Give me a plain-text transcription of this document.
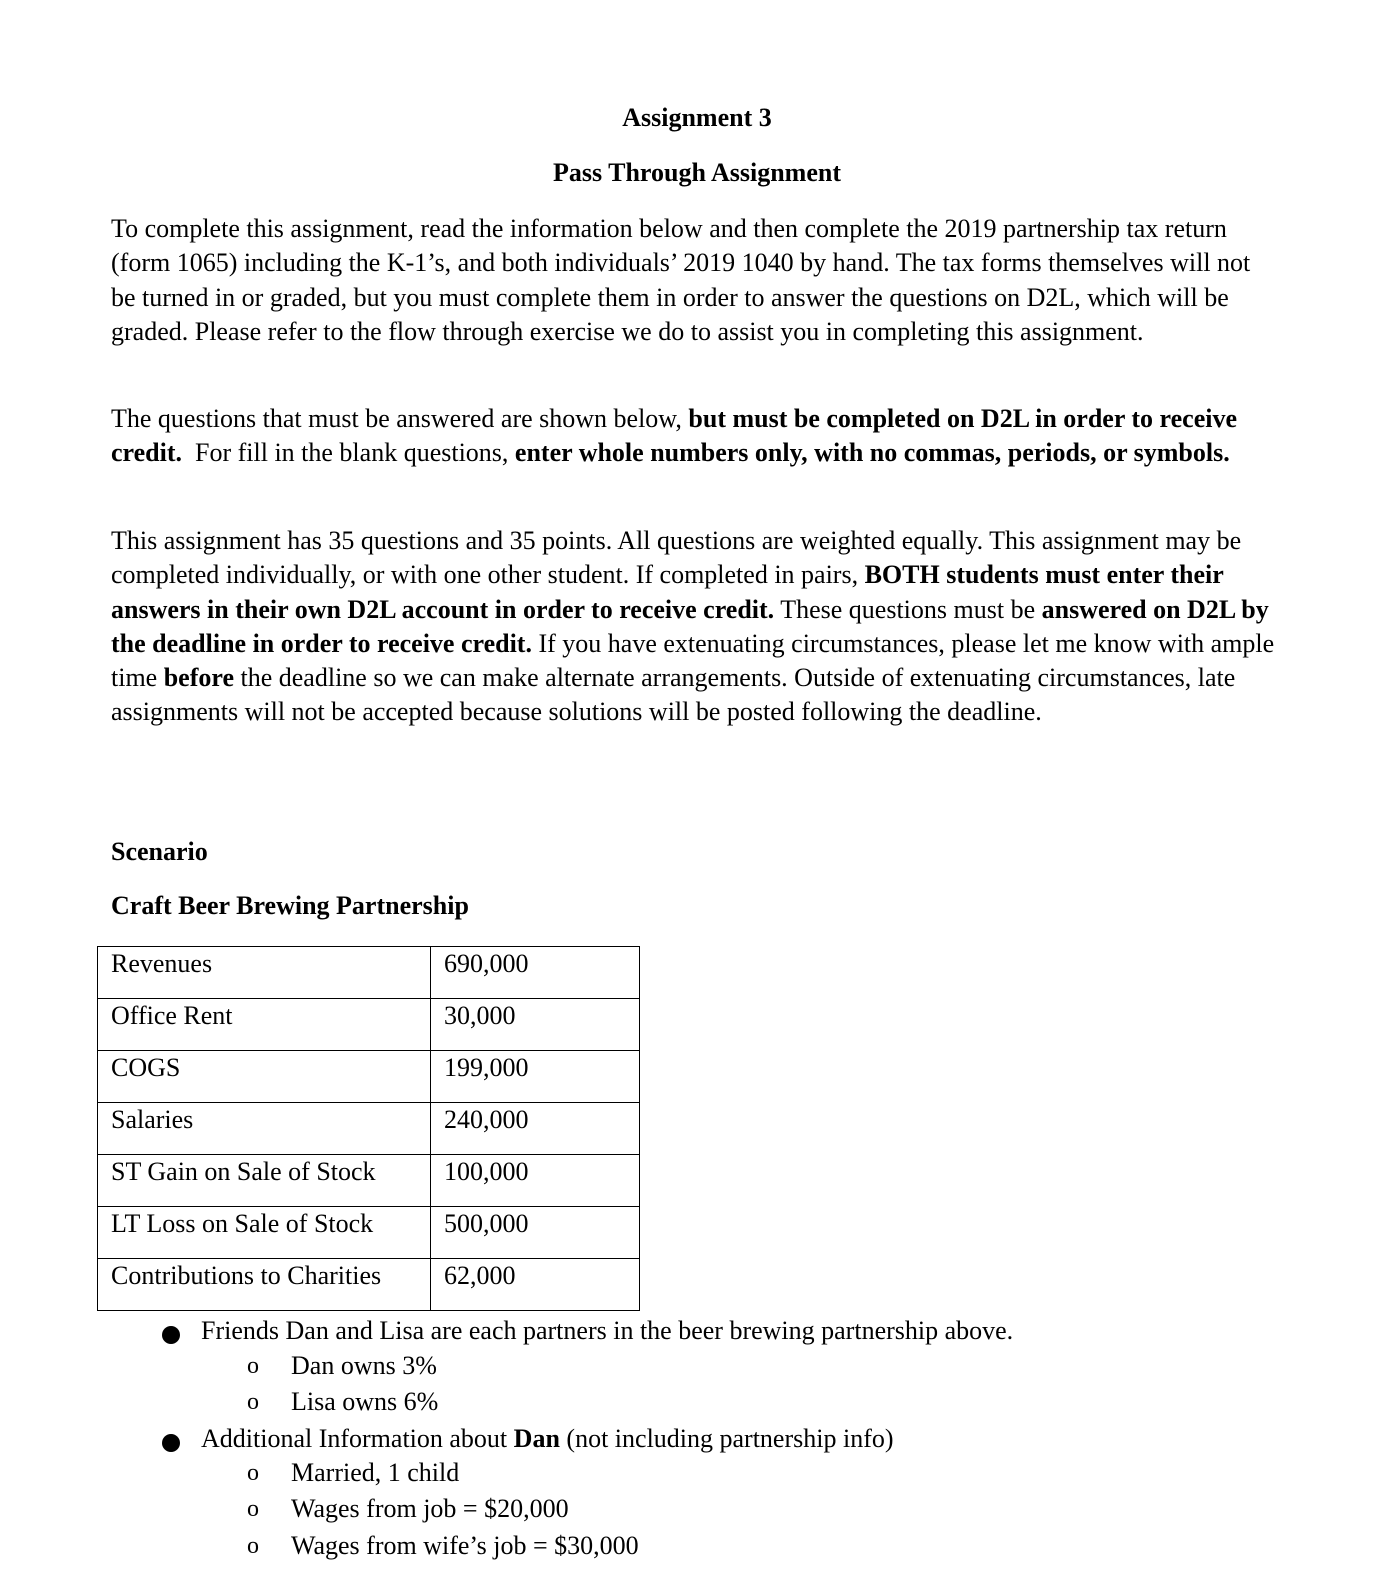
Assignment 3
Pass Through Assignment
To complete this assignment, read the information below and then complete the 2019 partnership tax return (form 1065) including the K-1’s, and both individuals’ 2019 1040 by hand. The tax forms themselves will not be turned in or graded, but you must complete them in order to answer the questions on D2L, which will be graded. Please refer to the flow through exercise we do to assist you in completing this assignment.
The questions that must be answered are shown below, but must be completed on D2L in order to receive credit.  For fill in the blank questions, enter whole numbers only, with no commas, periods, or symbols.
This assignment has 35 questions and 35 points. All questions are weighted equally. This assignment may be completed individually, or with one other student. If completed in pairs, BOTH students must enter their answers in their own D2L account in order to receive credit. These questions must be answered on D2L by the deadline in order to receive credit. If you have extenuating circumstances, please let me know with ample time before the deadline so we can make alternate arrangements. Outside of extenuating circumstances, late assignments will not be accepted because solutions will be posted following the deadline.
Scenario
Craft Beer Brewing Partnership
Revenues	690,000
Office Rent	30,000
COGS	199,000
Salaries	240,000
ST Gain on Sale of Stock	100,000
LT Loss on Sale of Stock	500,000
Contributions to Charities	62,000
Friends Dan and Lisa are each partners in the beer brewing partnership above.
o Dan owns 3%
o Lisa owns 6%
Additional Information about Dan (not including partnership info)
o Married, 1 child
o Wages from job = $20,000
o Wages from wife’s job = $30,000
